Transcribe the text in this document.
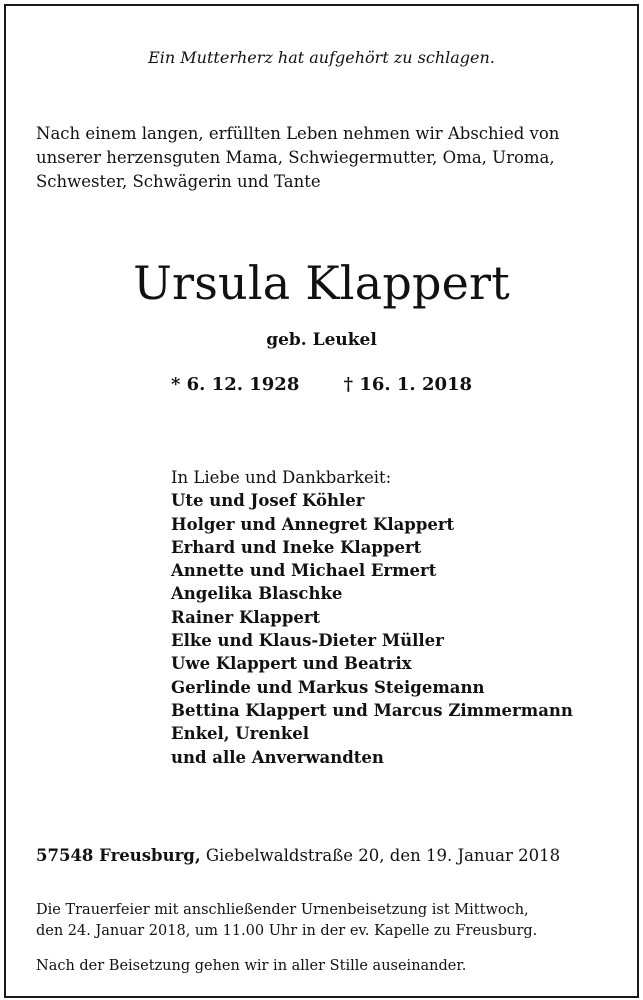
Ein Mutterherz hat aufgehört zu schlagen.
Nach einem langen, erfüllten Leben nehmen wir Abschied von
unserer herzensguten Mama, Schwiegermutter, Oma, Uroma,
Schwester, Schwägerin und Tante
Ursula Klappert
geb. Leukel
* 6. 12. 1928 † 16. 1. 2018
In Liebe und Dankbarkeit:
Ute und Josef Köhler
Holger und Annegret Klappert
Erhard und Ineke Klappert
Annette und Michael Ermert
Angelika Blaschke
Rainer Klappert
Elke und Klaus-Dieter Müller
Uwe Klappert und Beatrix
Gerlinde und Markus Steigemann
Bettina Klappert und Marcus Zimmermann
Enkel, Urenkel
und alle Anverwandten
57548 Freusburg, Giebelwaldstraße 20, den 19. Januar 2018
Die Trauerfeier mit anschließender Urnenbeisetzung ist Mittwoch,
den 24. Januar 2018, um 11.00 Uhr in der ev. Kapelle zu Freusburg.
Nach der Beisetzung gehen wir in aller Stille auseinander.
